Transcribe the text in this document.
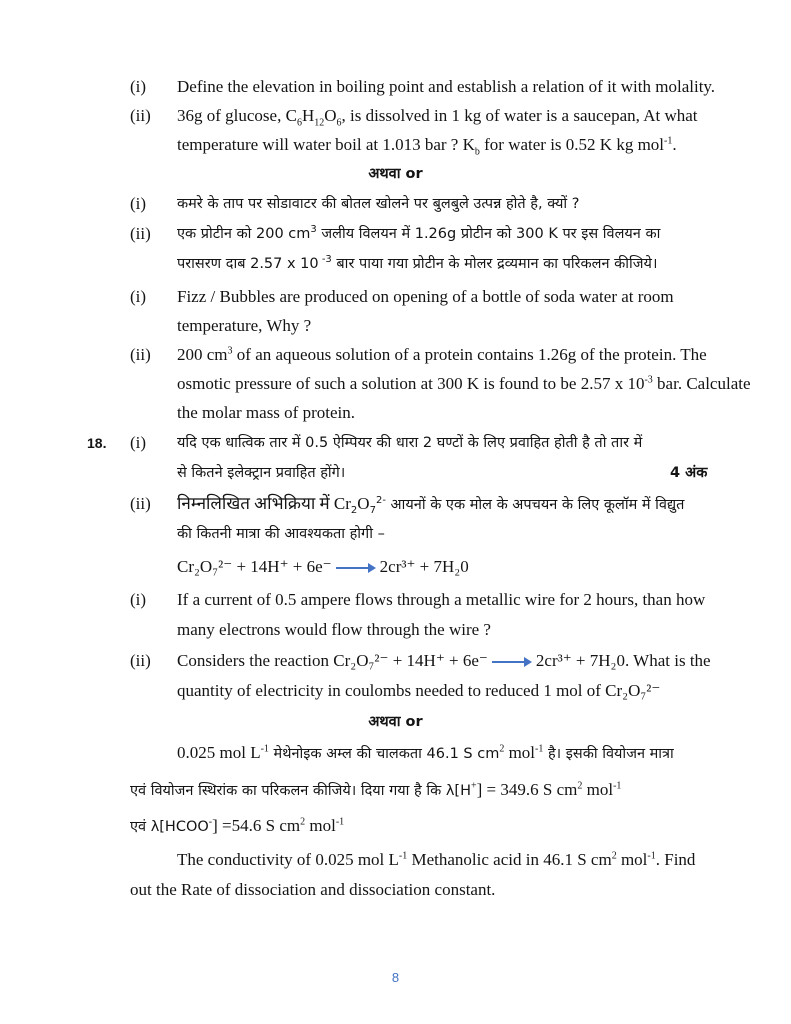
(i) Define the elevation in boiling point and establish a relation of it with molality.
(ii) 36g of glucose, $C_6H_{12}O_6$, is dissolved in 1 kg of water is a saucepan, At what
temperature will water boil at 1.013 bar ? $K_b$ for water is 0.52 K kg mol$^{-1}$.
अथवा or
(i) कमरे के ताप पर सोडावाटर की बोतल खोलने पर बुलबुले उत्पन्न होते है, क्यों ?
(ii) एक प्रोटीन को 200 $cm^3$ जलीय विलयन में 1.26g प्रोटीन को 300 K पर इस विलयन का
परासरण दाब 2.57 x 10 $^{-3}$ बार पाया गया प्रोटीन के मोलर द्रव्यमान का परिकलन कीजिये।
(i) Fizz / Bubbles are produced on opening of a bottle of soda water at room
temperature, Why ?
(ii) 200 $cm^3$ of an aqueous solution of a protein contains 1.26g of the protein. The
osmotic pressure of such a solution at 300 K is found to be 2.57 x $10^{-3}$ bar. Calculate
the molar mass of protein.
18. (i) यदि एक धात्विक तार में 0.5 ऐम्पियर की धारा 2 घण्टों के लिए प्रवाहित होती है तो तार में
से कितने इलेक्ट्रान प्रवाहित होंगे।	4 अंक
(ii) निम्नलिखित अभिक्रिया में $Cr_2O_7^{2-}$ आयनों के एक मोल के अपचयन के लिए कूलॉम में विद्युत
की कितनी मात्रा की आवश्यकता होगी –
Cr₂O₇²⁻ + 14H⁺ + 6e⁻	2cr³⁺ + 7H₂0
(i) If a current of 0.5 ampere flows through a metallic wire for 2 hours, than how
many electrons would flow through the wire ?
(ii) Considers the reaction Cr₂O₇²⁻ + 14H⁺ + 6e⁻	2cr³⁺ + 7H₂0. What is the
quantity of electricity in coulombs needed to reduced 1 mol of Cr₂O₇²⁻
अथवा or
0.025 mol $L^{-1}$ मेथेनोइक अम्ल की चालकता 46.1 S $cm^2$ mol$^{-1}$ है। इसकी वियोजन मात्रा
एवं वियोजन स्थिरांक का परिकलन कीजिये। दिया गया है कि λ[H+] = 349.6 S $cm^2$ mol$^{-1}$
एवं λ[HCOO-] =54.6 S $cm^2$ mol$^{-1}$
The conductivity of 0.025 mol $L^{-1}$ Methanolic acid in 46.1 S $cm^2$ mol$^{-1}$. Find
out the Rate of dissociation and dissociation constant.
8
